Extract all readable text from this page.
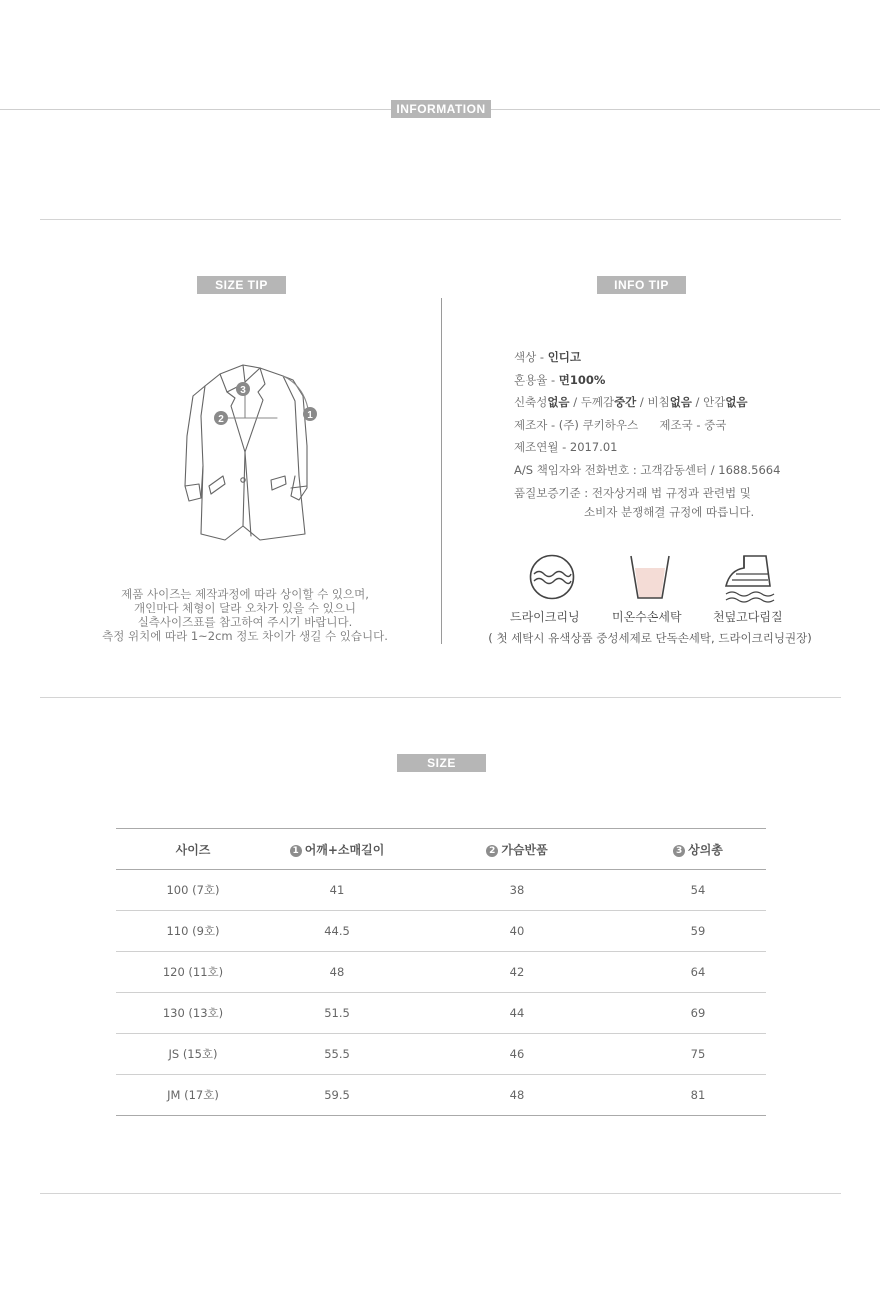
INFORMATION
SIZE TIP
3
2	1
제품 사이즈는 제작과정에 따라 상이할 수 있으며,
개인마다 체형이 달라 오차가 있을 수 있으니
실측사이즈표를 참고하여 주시기 바랍니다.
측정 위치에 따라 1~2cm 정도 차이가 생길 수 있습니다.
INFO TIP
색상 - 인디고
혼용율 - 면100%
신축성없음 / 두께감중간 / 비침없음 / 안감없음
제조자 - (주) 쿠키하우스 제조국 - 중국
제조연월 - 2017.01
A/S 책임자와 전화번호 : 고객감동센터 / 1688.5664
품질보증기준 : 전자상거래 법 규정과 관련법 및
소비자 분쟁해결 규정에 따릅니다.
드라이크리닝	미온수손세탁	천덮고다림질
( 첫 세탁시 유색상품 중성세제로 단독손세탁, 드라이크리닝권장)
SIZE
사이즈	1 어깨+소매길이	2 가슴반품	3 상의총
100 (7호)	41	38	54
110 (9호)	44.5	40	59
120 (11호)	48	42	64
130 (13호)	51.5	44	69
JS (15호)	55.5	46	75
JM (17호)	59.5	48	81
